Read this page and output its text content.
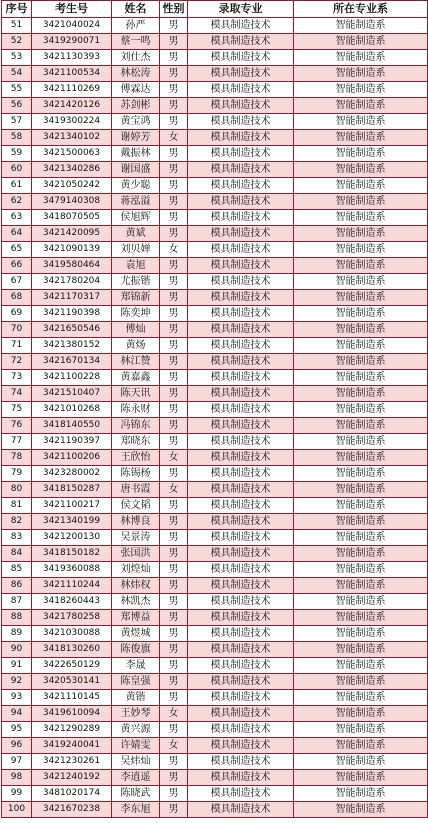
序号	考生号	姓名	性别	录取专业	所在专业系
51	3421040024	孙严	男	模具制造技术	智能制造系
52	3419290071	蔡一鸣	男	模具制造技术	智能制造系
53	3421130393	刘仕杰	男	模具制造技术	智能制造系
54	3421100534	林松涛	男	模具制造技术	智能制造系
55	3421110269	傅霖达	男	模具制造技术	智能制造系
56	3421420126	苏剑彬	男	模具制造技术	智能制造系
57	3419300224	黄宝鸿	男	模具制造技术	智能制造系
58	3421340102	谢婷芳	女	模具制造技术	智能制造系
59	3421500063	戴振林	男	模具制造技术	智能制造系
60	3421340286	谢国盛	男	模具制造技术	智能制造系
61	3421050242	黄少聪	男	模具制造技术	智能制造系
62	3479140308	蒋泓溢	男	模具制造技术	智能制造系
63	3418070505	侯旭辉	男	模具制造技术	智能制造系
64	3421420095	黄斌	男	模具制造技术	智能制造系
65	3421090139	刘贝婵	女	模具制造技术	智能制造系
66	3419580464	袁旭	男	模具制造技术	智能制造系
67	3421780204	尤振锴	男	模具制造技术	智能制造系
68	3421170317	郑锦新	男	模具制造技术	智能制造系
69	3421190398	陈奕坤	男	模具制造技术	智能制造系
70	3421650546	傅灿	男	模具制造技术	智能制造系
71	3421380152	黄炀	男	模具制造技术	智能制造系
72	3421670134	林江赞	男	模具制造技术	智能制造系
73	3421100228	黄嘉鑫	男	模具制造技术	智能制造系
74	3421510407	陈天讯	男	模具制造技术	智能制造系
75	3421010268	陈永财	男	模具制造技术	智能制造系
76	3418140550	冯锦东	男	模具制造技术	智能制造系
77	3421190397	郑晓东	男	模具制造技术	智能制造系
78	3421100206	王欣怡	女	模具制造技术	智能制造系
79	3423280002	陈锡杨	男	模具制造技术	智能制造系
80	3418150287	唐书霞	女	模具制造技术	智能制造系
81	3421100217	侯文韬	男	模具制造技术	智能制造系
82	3421340199	林博良	男	模具制造技术	智能制造系
83	3421200130	吴景涛	男	模具制造技术	智能制造系
84	3418150182	张国洪	男	模具制造技术	智能制造系
85	3419360088	刘煌灿	男	模具制造技术	智能制造系
86	3421110244	林炜权	男	模具制造技术	智能制造系
87	3418260443	林凯杰	男	模具制造技术	智能制造系
88	3421780258	郑博益	男	模具制造技术	智能制造系
89	3421030088	黄煜城	男	模具制造技术	智能制造系
90	3418130260	陈俊旗	男	模具制造技术	智能制造系
91	3422650129	李晟	男	模具制造技术	智能制造系
92	3420530141	陈皇强	男	模具制造技术	智能制造系
93	3421110145	黄锴	男	模具制造技术	智能制造系
94	3419610094	王妙琴	女	模具制造技术	智能制造系
95	3421290289	黄兴源	男	模具制造技术	智能制造系
96	3419240041	许婧雯	女	模具制造技术	智能制造系
97	3421230261	吴炜灿	男	模具制造技术	智能制造系
98	3421240192	李逍遥	男	模具制造技术	智能制造系
99	3481020174	陈晓武	男	模具制造技术	智能制造系
100	3421670238	李东旭	男	模具制造技术	智能制造系
